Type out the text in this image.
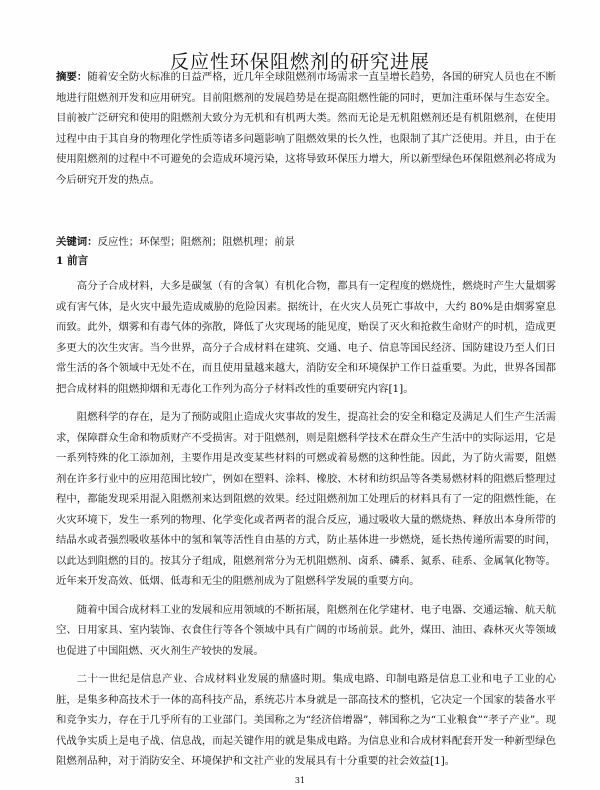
反应性环保阻燃剂的研究进展

摘要：随着安全防火标准的日益严格，近几年全球阻燃剂市场需求一直呈增长趋势，各国的研究人员也在不断地进行阻燃剂开发和应用研究。目前阻燃剂的发展趋势是在提高阻燃性能的同时，更加注重环保与生态安全。目前被广泛研究和使用的阻燃剂大致分为无机和有机两大类。然而无论是无机阻燃剂还是有机阻燃剂，在使用过程中由于其自身的物理化学性质等诸多问题影响了阻燃效果的长久性，也限制了其广泛使用。并且，由于在使用阻燃剂的过程中不可避免的会造成环境污染，这将导致环保压力增大，所以新型绿色环保阻燃剂必将成为今后研究开发的热点。

关键词：反应性；环保型；阻燃剂；阻燃机理；前景

1 前言

高分子合成材料，大多是碳氢（有的含氧）有机化合物，都具有一定程度的燃烧性，燃烧时产生大量烟雾或有害气体，是火灾中最先造成威胁的危险因素。据统计，在火灾人员死亡事故中，大约 80%是由烟雾窒息而致。此外，烟雾和有毒气体的弥散，降低了火灾现场的能见度，贻误了灭火和抢救生命财产的时机，造成更多更大的次生灾害。当今世界，高分子合成材料在建筑、交通、电子、信息等国民经济、国防建设乃至人们日常生活的各个领域中无处不在，而且使用量越来越大，消防安全和环境保护工作日益重要。为此，世界各国都把合成材料的阻燃抑烟和无毒化工作列为高分子材料改性的重要研究内容[1]。

阻燃科学的存在，是为了预防或阻止造成火灾事故的发生，提高社会的安全和稳定及满足人们生产生活需求，保障群众生命和物质财产不受损害。对于阻燃剂，则是阻燃科学技术在群众生产生活中的实际运用，它是一系列特殊的化工添加剂，主要作用是改变某些材料的可燃或着易燃的这种性能。因此，为了防火需要，阻燃剂在许多行业中的应用范围比较广，例如在塑料、涂料、橡胶、木材和纺织品等各类易燃材料的阻燃后整理过程中，都能发现采用混入阻燃剂来达到阻燃的效果。经过阻燃剂加工处理后的材料具有了一定的阻燃性能，在火灾环境下，发生一系列的物理、化学变化或者两者的混合反应，通过吸收大量的燃烧热、释放出本身所带的结晶水或者强烈吸收基体中的氢和氧等活性自由基的方式，防止基体进一步燃烧，延长热传递所需要的时间，以此达到阻燃的目的。按其分子组成，阻燃剂常分为无机阻燃剂、卤系、磷系、氮系、硅系、金属氧化物等。近年来开发高效、低烟、低毒和无尘的阻燃剂成为了阻燃科学发展的重要方向。

随着中国合成材料工业的发展和应用领域的不断拓展，阻燃剂在化学建材、电子电器、交通运输、航天航空、日用家具、室内装饰、衣食住行等各个领域中具有广阔的市场前景。此外，煤田、油田、森林灭火等领域也促进了中国阻燃、灭火剂生产较快的发展。

二十一世纪是信息产业、合成材料业发展的鼎盛时期。集成电路、印制电路是信息工业和电子工业的心脏，是集多种高技术于一体的高科技产品，系统芯片本身就是一部高技术的整机，它决定一个国家的装备水平和竞争实力，存在于几乎所有的工业部门。美国称之为“经济倍增器”，韩国称之为“工业粮食”“孝子产业”。现代战争实质上是电子战、信息战，而起关键作用的就是集成电路。为信息业和合成材料配套开发一种新型绿色阻燃剂品种，对于消防安全、环境保护和文社产业的发展具有十分重要的社会效益[1]。

31
